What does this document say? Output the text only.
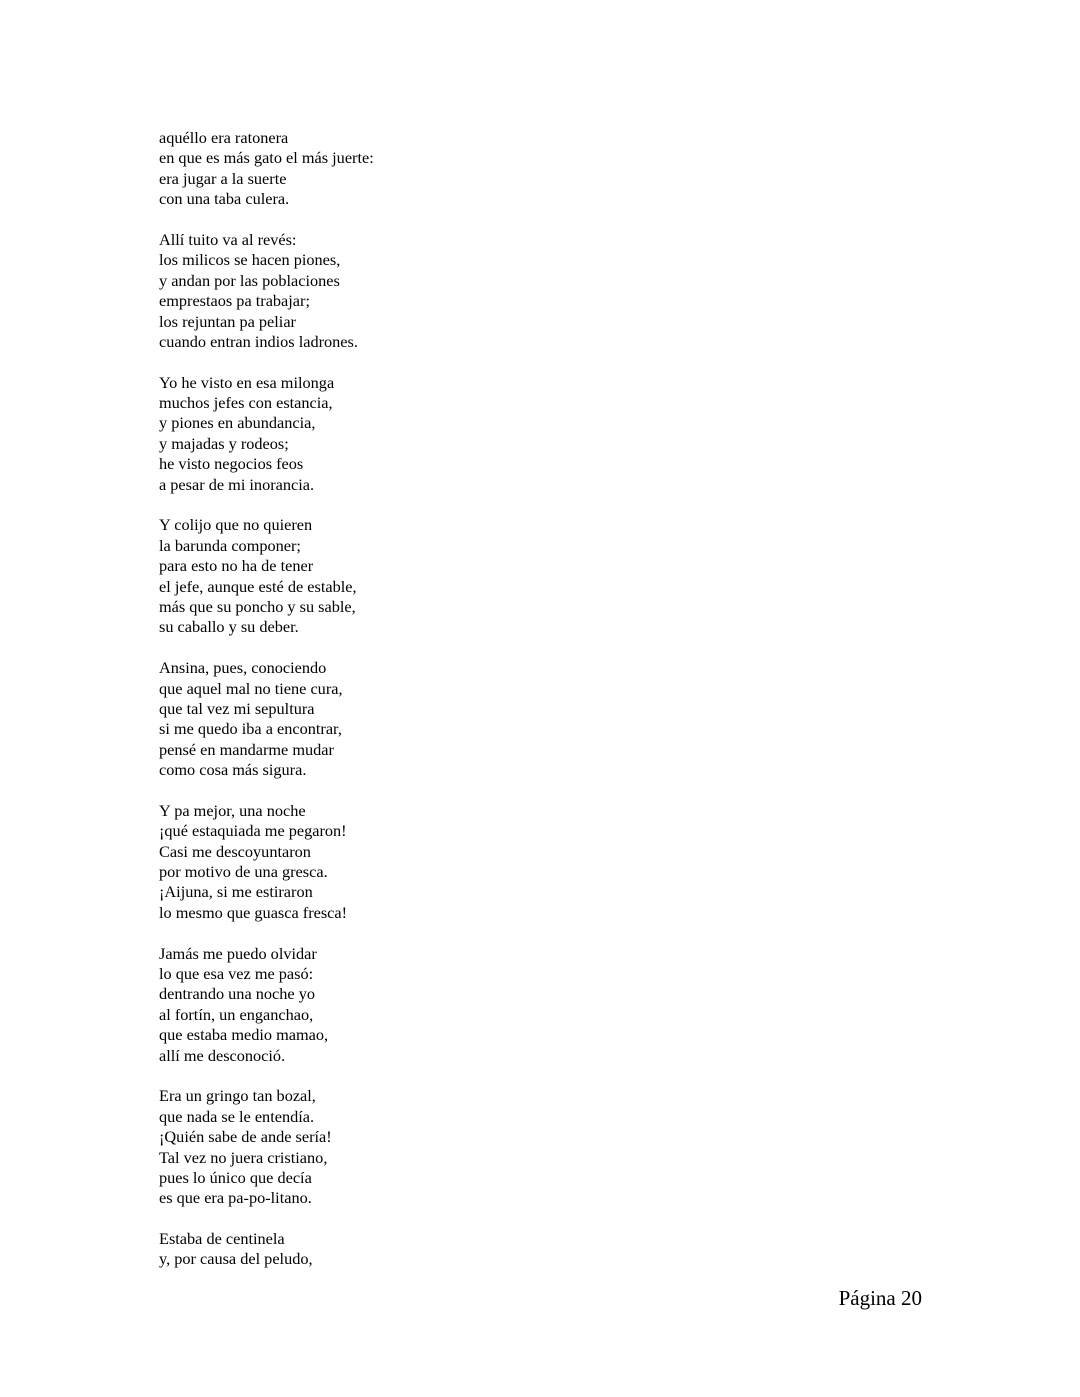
aquéllo era ratonera
en que es más gato el más juerte:
era jugar a la suerte
con una taba culera.
Allí tuito va al revés:
los milicos se hacen piones,
y andan por las poblaciones
emprestaos pa trabajar;
los rejuntan pa peliar
cuando entran indios ladrones.
Yo he visto en esa milonga
muchos jefes con estancia,
y piones en abundancia,
y majadas y rodeos;
he visto negocios feos
a pesar de mi inorancia.
Y colijo que no quieren
la barunda componer;
para esto no ha de tener
el jefe, aunque esté de estable,
más que su poncho y su sable,
su caballo y su deber.
Ansina, pues, conociendo
que aquel mal no tiene cura,
que tal vez mi sepultura
si me quedo iba a encontrar,
pensé en mandarme mudar
como cosa más sigura.
Y pa mejor, una noche
¡qué estaquiada me pegaron!
Casi me descoyuntaron
por motivo de una gresca.
¡Aijuna, si me estiraron
lo mesmo que guasca fresca!
Jamás me puedo olvidar
lo que esa vez me pasó:
dentrando una noche yo
al fortín, un enganchao,
que estaba medio mamao,
allí me desconoció.
Era un gringo tan bozal,
que nada se le entendía.
¡Quién sabe de ande sería!
Tal vez no juera cristiano,
pues lo único que decía
es que era pa-po-litano.
Estaba de centinela
y, por causa del peludo,
Página 20
